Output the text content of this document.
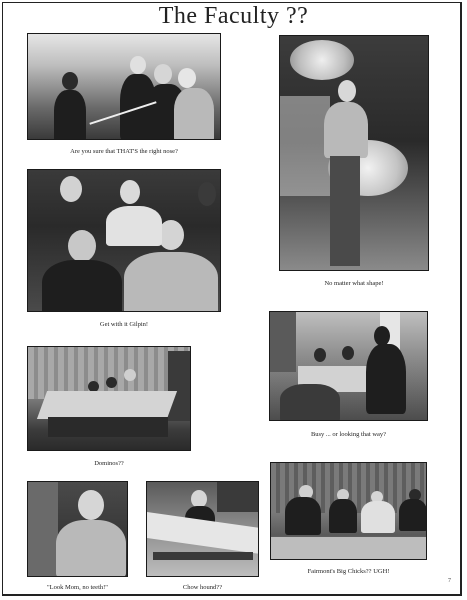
The Faculty ??
Are you sure that THAT'S the right nose?
No matter what shape!
Get with it Gilpin!
Busy ... or looking that way?
Dominos??
"Look Mom, no teeth!"	Chow hound??
Fairmont's Big Chicks?? UGH!
7
